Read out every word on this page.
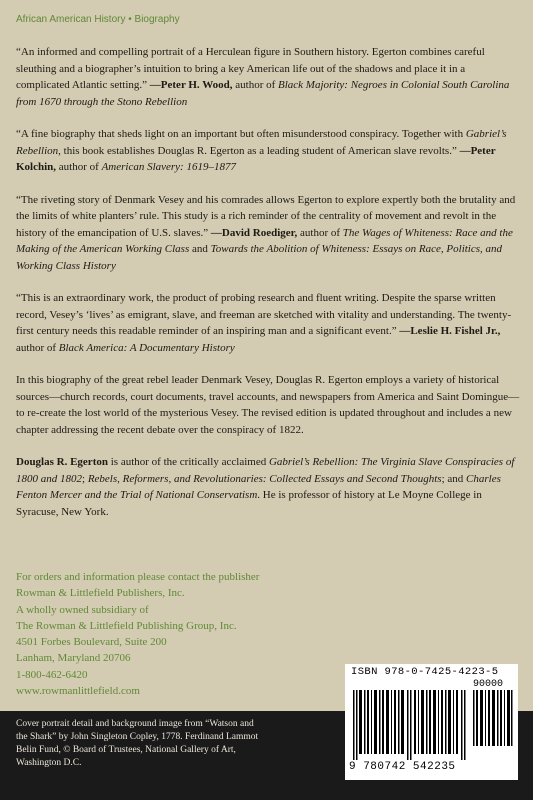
African American History • Biography

“An informed and compelling portrait of a Herculean figure in Southern history. Egerton combines careful sleuthing and a biographer’s intuition to bring a key American life out of the shadows and place it in a complicated Atlantic setting.” —Peter H. Wood, author of Black Majority: Negroes in Colonial South Carolina from 1670 through the Stono Rebellion

“A fine biography that sheds light on an important but often misunderstood conspiracy. Together with Gabriel’s Rebellion, this book establishes Douglas R. Egerton as a leading student of American slave revolts.” —Peter Kolchin, author of American Slavery: 1619–1877

“The riveting story of Denmark Vesey and his comrades allows Egerton to explore expertly both the brutality and the limits of white planters’ rule. This study is a rich reminder of the centrality of movement and revolt in the history of the emancipation of U.S. slaves.” —David Roediger, author of The Wages of Whiteness: Race and the Making of the American Working Class and Towards the Abolition of Whiteness: Essays on Race, Politics, and Working Class History

“This is an extraordinary work, the product of probing research and fluent writing. Despite the sparse written record, Vesey’s ‘lives’ as emigrant, slave, and freeman are sketched with vitality and understanding. The twenty-first century needs this readable reminder of an inspiring man and a significant event.” —Leslie H. Fishel Jr., author of Black America: A Documentary History

In this biography of the great rebel leader Denmark Vesey, Douglas R. Egerton employs a variety of historical sources—church records, court documents, travel accounts, and newspapers from America and Saint Domingue—to re-create the lost world of the mysterious Vesey. The revised edition is updated throughout and includes a new chapter addressing the recent debate over the conspiracy of 1822.

Douglas R. Egerton is author of the critically acclaimed Gabriel’s Rebellion: The Virginia Slave Conspiracies of 1800 and 1802; Rebels, Reformers, and Revolutionaries: Collected Essays and Second Thoughts; and Charles Fenton Mercer and the Trial of National Conservatism. He is professor of history at Le Moyne College in Syracuse, New York.

For orders and information please contact the publisher
Rowman & Littlefield Publishers, Inc.
A wholly owned subsidiary of
The Rowman & Littlefield Publishing Group, Inc.
4501 Forbes Boulevard, Suite 200
Lanham, Maryland 20706
1-800-462-6420
www.rowmanlittlefield.com
Cover portrait detail and background image from “Watson and the Shark” by John Singleton Copley, 1778. Ferdinand Lammot Belin Fund, © Board of Trustees, National Gallery of Art, Washington D.C.
ISBN 978-0-7425-4223-5
90000
9 780742 542235
